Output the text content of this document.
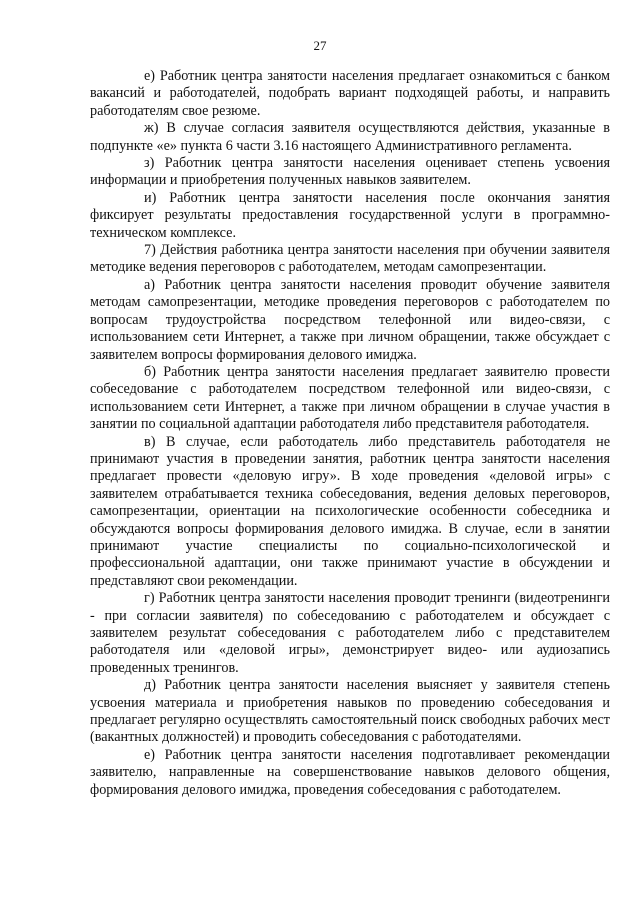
27

е) Работник центра занятости населения предлагает ознакомиться с банком вакансий и работодателей, подобрать вариант подходящей работы, и направить работодателям свое резюме.

ж) В случае согласия заявителя осуществляются действия, указанные в подпункте «е» пункта 6 части 3.16 настоящего Административного регламента.

з) Работник центра занятости населения оценивает степень усвоения информации и приобретения полученных навыков заявителем.

и) Работник центра занятости населения после окончания занятия фиксирует результаты предоставления государственной услуги в программно-техническом комплексе.

7) Действия работника центра занятости населения при обучении заявителя методике ведения переговоров с работодателем, методам самопрезентации.

а) Работник центра занятости населения проводит обучение заявителя методам самопрезентации, методике проведения переговоров с работодателем по вопросам трудоустройства посредством телефонной или видео-связи, с использованием сети Интернет, а также при личном обращении, также обсуждает с заявителем вопросы формирования делового имиджа.

б) Работник центра занятости населения предлагает заявителю провести собеседование с работодателем посредством телефонной или видео-связи, с использованием сети Интернет, а также при личном обращении в случае участия в занятии по социальной адаптации работодателя либо представителя работодателя.

в) В случае, если работодатель либо представитель работодателя не принимают участия в проведении занятия, работник центра занятости населения предлагает провести «деловую игру». В ходе проведения «деловой игры» с заявителем отрабатывается техника собеседования, ведения деловых переговоров, самопрезентации, ориентации на психологические особенности собеседника и обсуждаются вопросы формирования делового имиджа. В случае, если в занятии принимают участие специалисты по социально-психологической и профессиональной адаптации, они также принимают участие в обсуждении и представляют свои рекомендации.

г) Работник центра занятости населения проводит тренинги (видеотренинги - при согласии заявителя) по собеседованию с работодателем и обсуждает с заявителем результат собеседования с работодателем либо с представителем работодателя или «деловой игры», демонстрирует видео- или аудиозапись проведенных тренингов.

д) Работник центра занятости населения выясняет у заявителя степень усвоения материала и приобретения навыков по проведению собеседования и предлагает регулярно осуществлять самостоятельный поиск свободных рабочих мест (вакантных должностей) и проводить собеседования с работодателями.

е) Работник центра занятости населения подготавливает рекомендации заявителю, направленные на совершенствование навыков делового общения, формирования делового имиджа, проведения собеседования с работодателем.
